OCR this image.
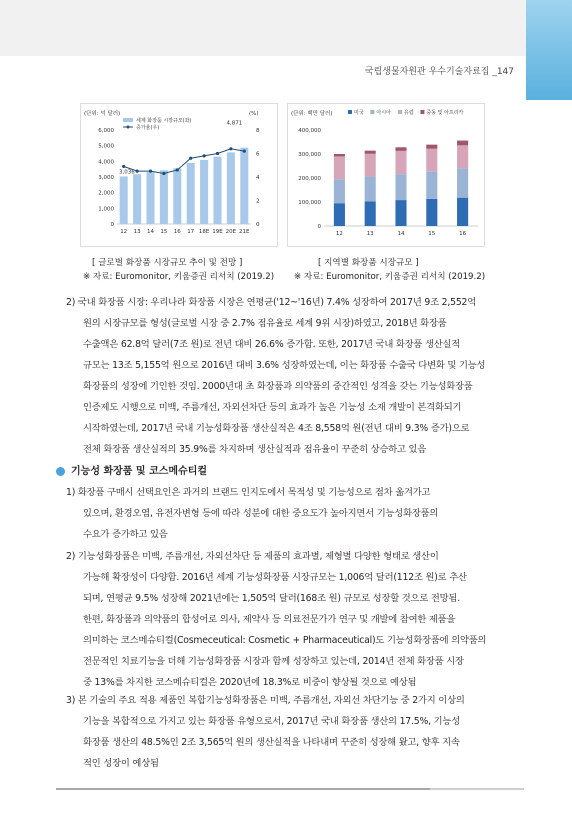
국립생물자원관 우수기술자료집 _147
(단위: 억 달러)	(%)
세계 화장품 시장규모(좌)
증가율(우)
0
1,000
2,000
3,000
4,000
5,000
6,000
0
2
4
6
8
12 13 14 15 16 17 18E 19E 20E 21E
3,036
4,871
[ 글로벌 화장품 시장규모 추이 및 전망 ]
※ 자료: Euromonitor, 키움증권 리서치 (2019.2)
(단위: 백만 달러)	미국	아시아	유럽	중동 및 아프리카
0
100,000
200,000
300,000
400,000
12	13	14	15	16
[ 지역별 화장품 시장규모 ]
※ 자료: Euromonitor, 키움증권 리서치 (2019.2)
2) 국내 화장품 시장: 우리나라 화장품 시장은 연평균('12~'16년) 7.4% 성장하여 2017년 9조 2,552억
원의 시장규모를 형성(글로벌 시장 중 2.7% 점유율로 세계 9위 시장)하였고, 2018년 화장품
수출액은 62.8억 달러(7조 원)로 전년 대비 26.6% 증가함. 또한, 2017년 국내 화장품 생산실적
규모는 13조 5,155억 원으로 2016년 대비 3.6% 성장하였는데, 이는 화장품 수출국 다변화 및 기능성
화장품의 성장에 기인한 것임. 2000년대 초 화장품과 의약품의 중간적인 성격을 갖는 기능성화장품
인증제도 시행으로 미백, 주름개선, 자외선차단 등의 효과가 높은 기능성 소재 개발이 본격화되기
시작하였는데, 2017년 국내 기능성화장품 생산실적은 4조 8,558억 원(전년 대비 9.3% 증가)으로
전체 화장품 생산실적의 35.9%를 차지하며 생산실적과 점유율이 꾸준히 상승하고 있음
기능성 화장품 및 코스메슈티컬
1) 화장품 구매시 선택요인은 과거의 브랜드 인지도에서 목적성 및 기능성으로 점차 옮겨가고
있으며, 환경오염, 유전자변형 등에 따라 성분에 대한 중요도가 높아지면서 기능성화장품의
수요가 증가하고 있음
2) 기능성화장품은 미백, 주름개선, 자외선차단 등 제품의 효과별, 제형별 다양한 형태로 생산이
가능해 확장성이 다양함. 2016년 세계 기능성화장품 시장규모는 1,006억 달러(112조 원)로 추산
되며, 연평균 9.5% 성장해 2021년에는 1,505억 달러(168조 원) 규모로 성장할 것으로 전망됨.
한편, 화장품과 의약품의 합성어로 의사, 제약사 등 의료전문가가 연구 및 개발에 참여한 제품을
의미하는 코스메슈티컬(Cosmeceutical: Cosmetic + Pharmaceutical)도 기능성화장품에 의약품의
전문적인 치료기능을 더해 기능성화장품 시장과 함께 성장하고 있는데, 2014년 전체 화장품 시장
중 13%를 차지한 코스메슈티컬은 2020년에 18.3%로 비중이 향상될 것으로 예상됨
3) 본 기술의 주요 적용 제품인 복합기능성화장품은 미백, 주름개선, 자외선 차단기능 중 2가지 이상의
기능을 복합적으로 가지고 있는 화장품 유형으로서, 2017년 국내 화장품 생산의 17.5%, 기능성
화장품 생산의 48.5%인 2조 3,565억 원의 생산실적을 나타내며 꾸준히 성장해 왔고, 향후 지속
적인 성장이 예상됨
